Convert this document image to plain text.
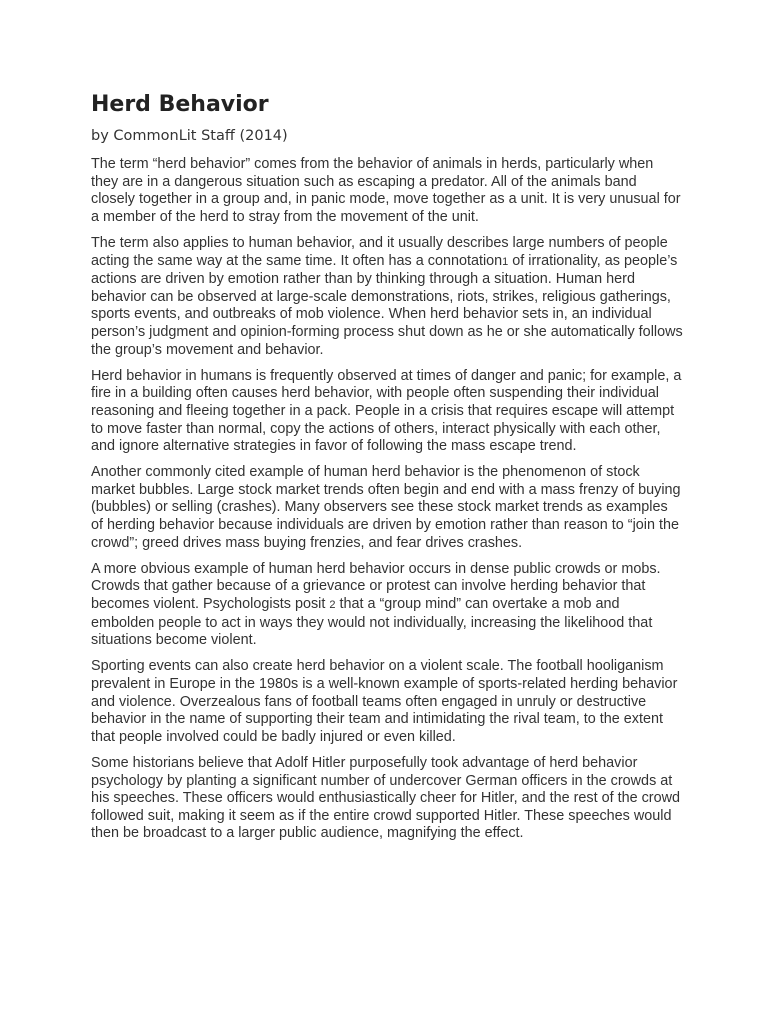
Herd Behavior
by CommonLit Staff (2014)

The term “herd behavior” comes from the behavior of animals in herds, particularly when they are in a dangerous situation such as escaping a predator. All of the animals band closely together in a group and, in panic mode, move together as a unit. It is very unusual for a member of the herd to stray from the movement of the unit.

The term also applies to human behavior, and it usually describes large numbers of people acting the same way at the same time. It often has a connotation1 of irrationality, as people’s actions are driven by emotion rather than by thinking through a situation. Human herd behavior can be observed at large-scale demonstrations, riots, strikes, religious gatherings, sports events, and outbreaks of mob violence. When herd behavior sets in, an individual person’s judgment and opinion-forming process shut down as he or she automatically follows the group’s movement and behavior.

Herd behavior in humans is frequently observed at times of danger and panic; for example, a fire in a building often causes herd behavior, with people often suspending their individual reasoning and fleeing together in a pack. People in a crisis that requires escape will attempt to move faster than normal, copy the actions of others, interact physically with each other, and ignore alternative strategies in favor of following the mass escape trend.

Another commonly cited example of human herd behavior is the phenomenon of stock market bubbles. Large stock market trends often begin and end with a mass frenzy of buying (bubbles) or selling (crashes). Many observers see these stock market trends as examples of herding behavior because individuals are driven by emotion rather than reason to “join the crowd”; greed drives mass buying frenzies, and fear drives crashes.

A more obvious example of human herd behavior occurs in dense public crowds or mobs. Crowds that gather because of a grievance or protest can involve herding behavior that becomes violent. Psychologists posit 2 that a “group mind” can overtake a mob and embolden people to act in ways they would not individually, increasing the likelihood that situations become violent.

Sporting events can also create herd behavior on a violent scale. The football hooliganism prevalent in Europe in the 1980s is a well-known example of sports-related herding behavior and violence. Overzealous fans of football teams often engaged in unruly or destructive behavior in the name of supporting their team and intimidating the rival team, to the extent that people involved could be badly injured or even killed.

Some historians believe that Adolf Hitler purposefully took advantage of herd behavior psychology by planting a significant number of undercover German officers in the crowds at his speeches. These officers would enthusiastically cheer for Hitler, and the rest of the crowd followed suit, making it seem as if the entire crowd supported Hitler. These speeches would then be broadcast to a larger public audience, magnifying the effect.
